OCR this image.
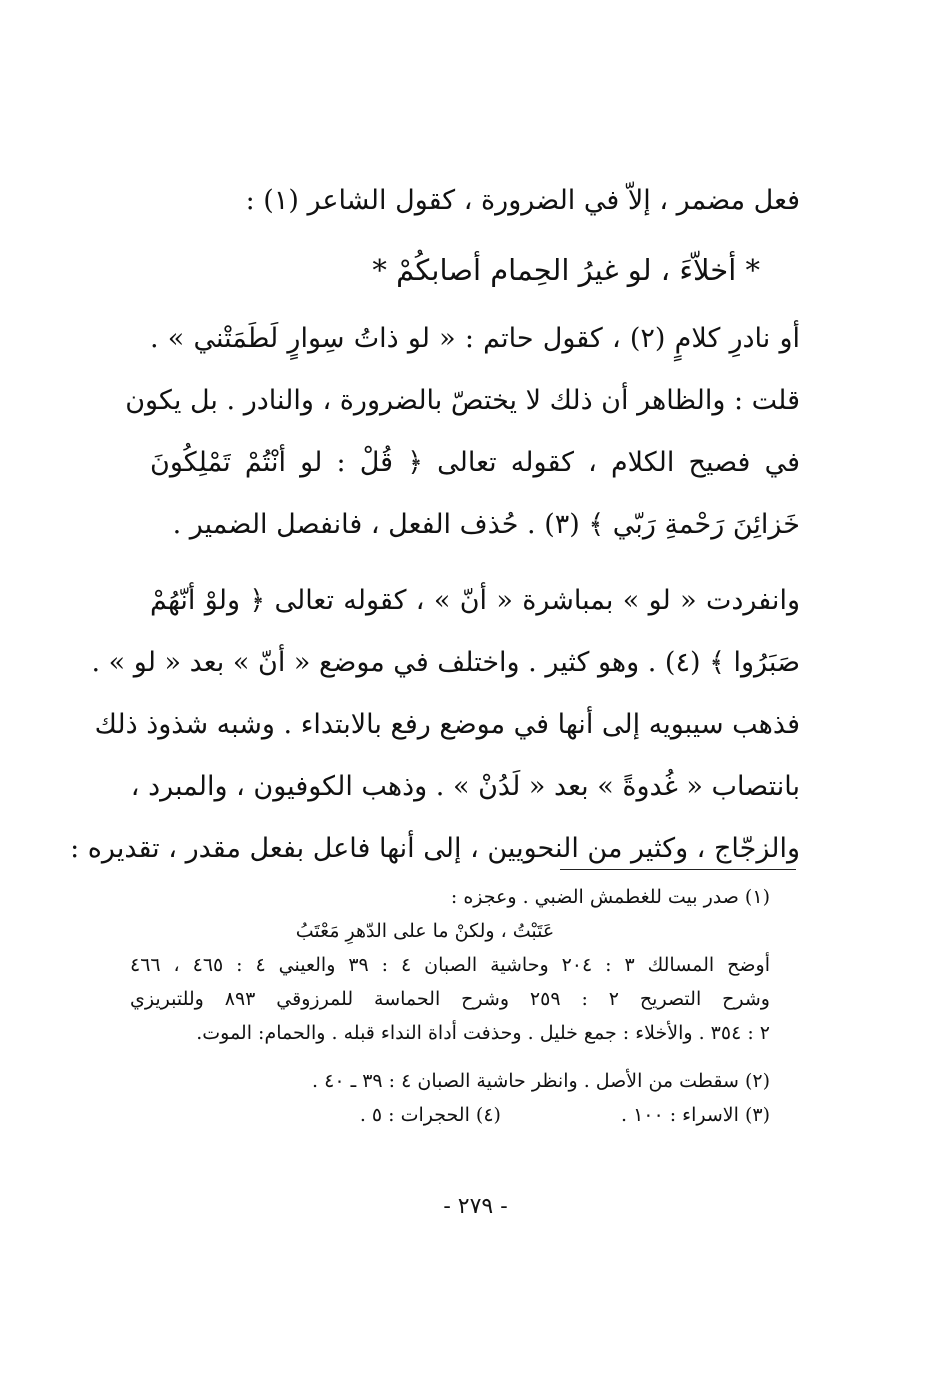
فعل مضمر ، إلاّ في الضرورة ، كقول الشاعر (١) :
* أخلاّءَ ، لو غيرُ الحِمام أصابكُمْ *
أو نادرِ كلامٍ (٢) ، كقول حاتم : « لو ذاتُ سِوارٍ لَطَمَتْني » .
قلت : والظاهر أن ذلك لا يختصّ بالضرورة ، والنادر . بل يكون
في فصيح الكلام ، كقوله تعالى ﴿ قُلْ : لو أنْتُمْ تَمْلِكُونَ
خَزائِنَ رَحْمةِ رَبّي ﴾ (٣) . حُذف الفعل ، فانفصل الضمير .
وانفردت « لو » بمباشرة « أنّ » ، كقوله تعالى ﴿ ولوْ أنّهُمْ
صَبَرُوا ﴾ (٤) . وهو كثير . واختلف في موضع « أنّ » بعد « لو » .
فذهب سيبويه إلى أنها في موضع رفع بالابتداء . وشبه شذوذ ذلك
بانتصاب « غُدوةً » بعد « لَدُنْ » . وذهب الكوفيون ، والمبرد ،
والزجّاج ، وكثير من النحويين ، إلى أنها فاعل بفعل مقدر ، تقديره :
(١) صدر بيت للغطمش الضبي . وعجزه :
عَتَبْتُ ، ولكنْ ما على الدّهرِ مَعْتَبُ
أوضح المسالك ٣ : ٢٠٤ وحاشية الصبان ٤ : ٣٩ والعيني ٤ : ٤٦٥ ، ٤٦٦
وشرح التصريح ٢ : ٢٥٩ وشرح الحماسة للمرزوقي ٨٩٣ وللتبريزي
٢ : ٣٥٤ . والأخلاء : جمع خليل . وحذفت أداة النداء قبله . والحمام: الموت.
(٢) سقطت من الأصل . وانظر حاشية الصبان ٤ : ٣٩ ـ ٤٠ .
(٣) الاسراء : ١٠٠ .(٤) الحجرات : ٥ .
- ٢٧٩ -
